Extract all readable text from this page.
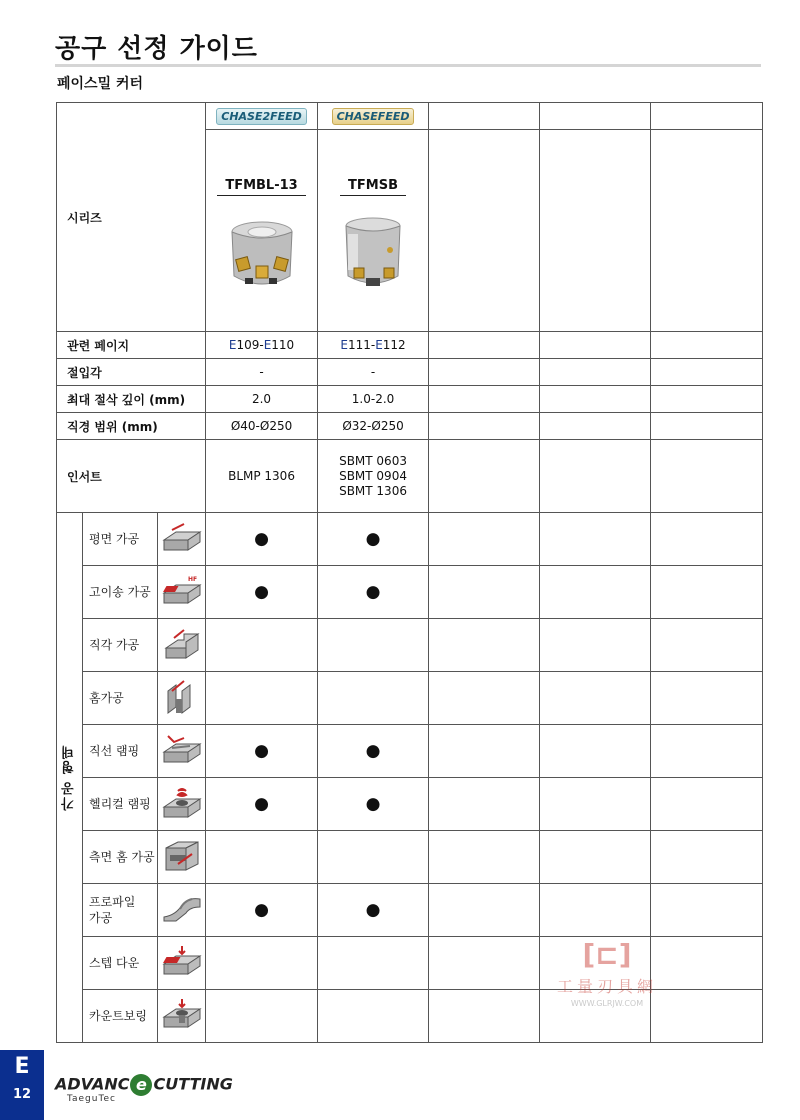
공구 선정 가이드
페이스밀 커터
시리즈			CHASE2FEED	CHASEFEED			
			TFMBL-13	TFMSB

관련 페이지			E109-E110	E111-E112			
절입각			-	-			
최대 절삭 깊이 (mm)			2.0	1.0-2.0			
직경 범위 (mm)			Ø40-Ø250	Ø32-Ø250			
인서트			BLMP 1306	SBMT 0603
SBMT 0904
SBMT 1306			

가공 형태	평면 가공		●	●			
	고이송 가공	HF	●	●			
	직각 가공						
	홈가공						
	직선 램핑		●	●			
	헬리컬 램핑		●	●			
	측면 홈 가공						

	프로파일
가공		●	●			
	스텝 다운						
	카운트보링						
[⊏]
工量刃具網
WWW.GLRJW.COM
E
12
ADVANC e CUTTING
TaeguTec
